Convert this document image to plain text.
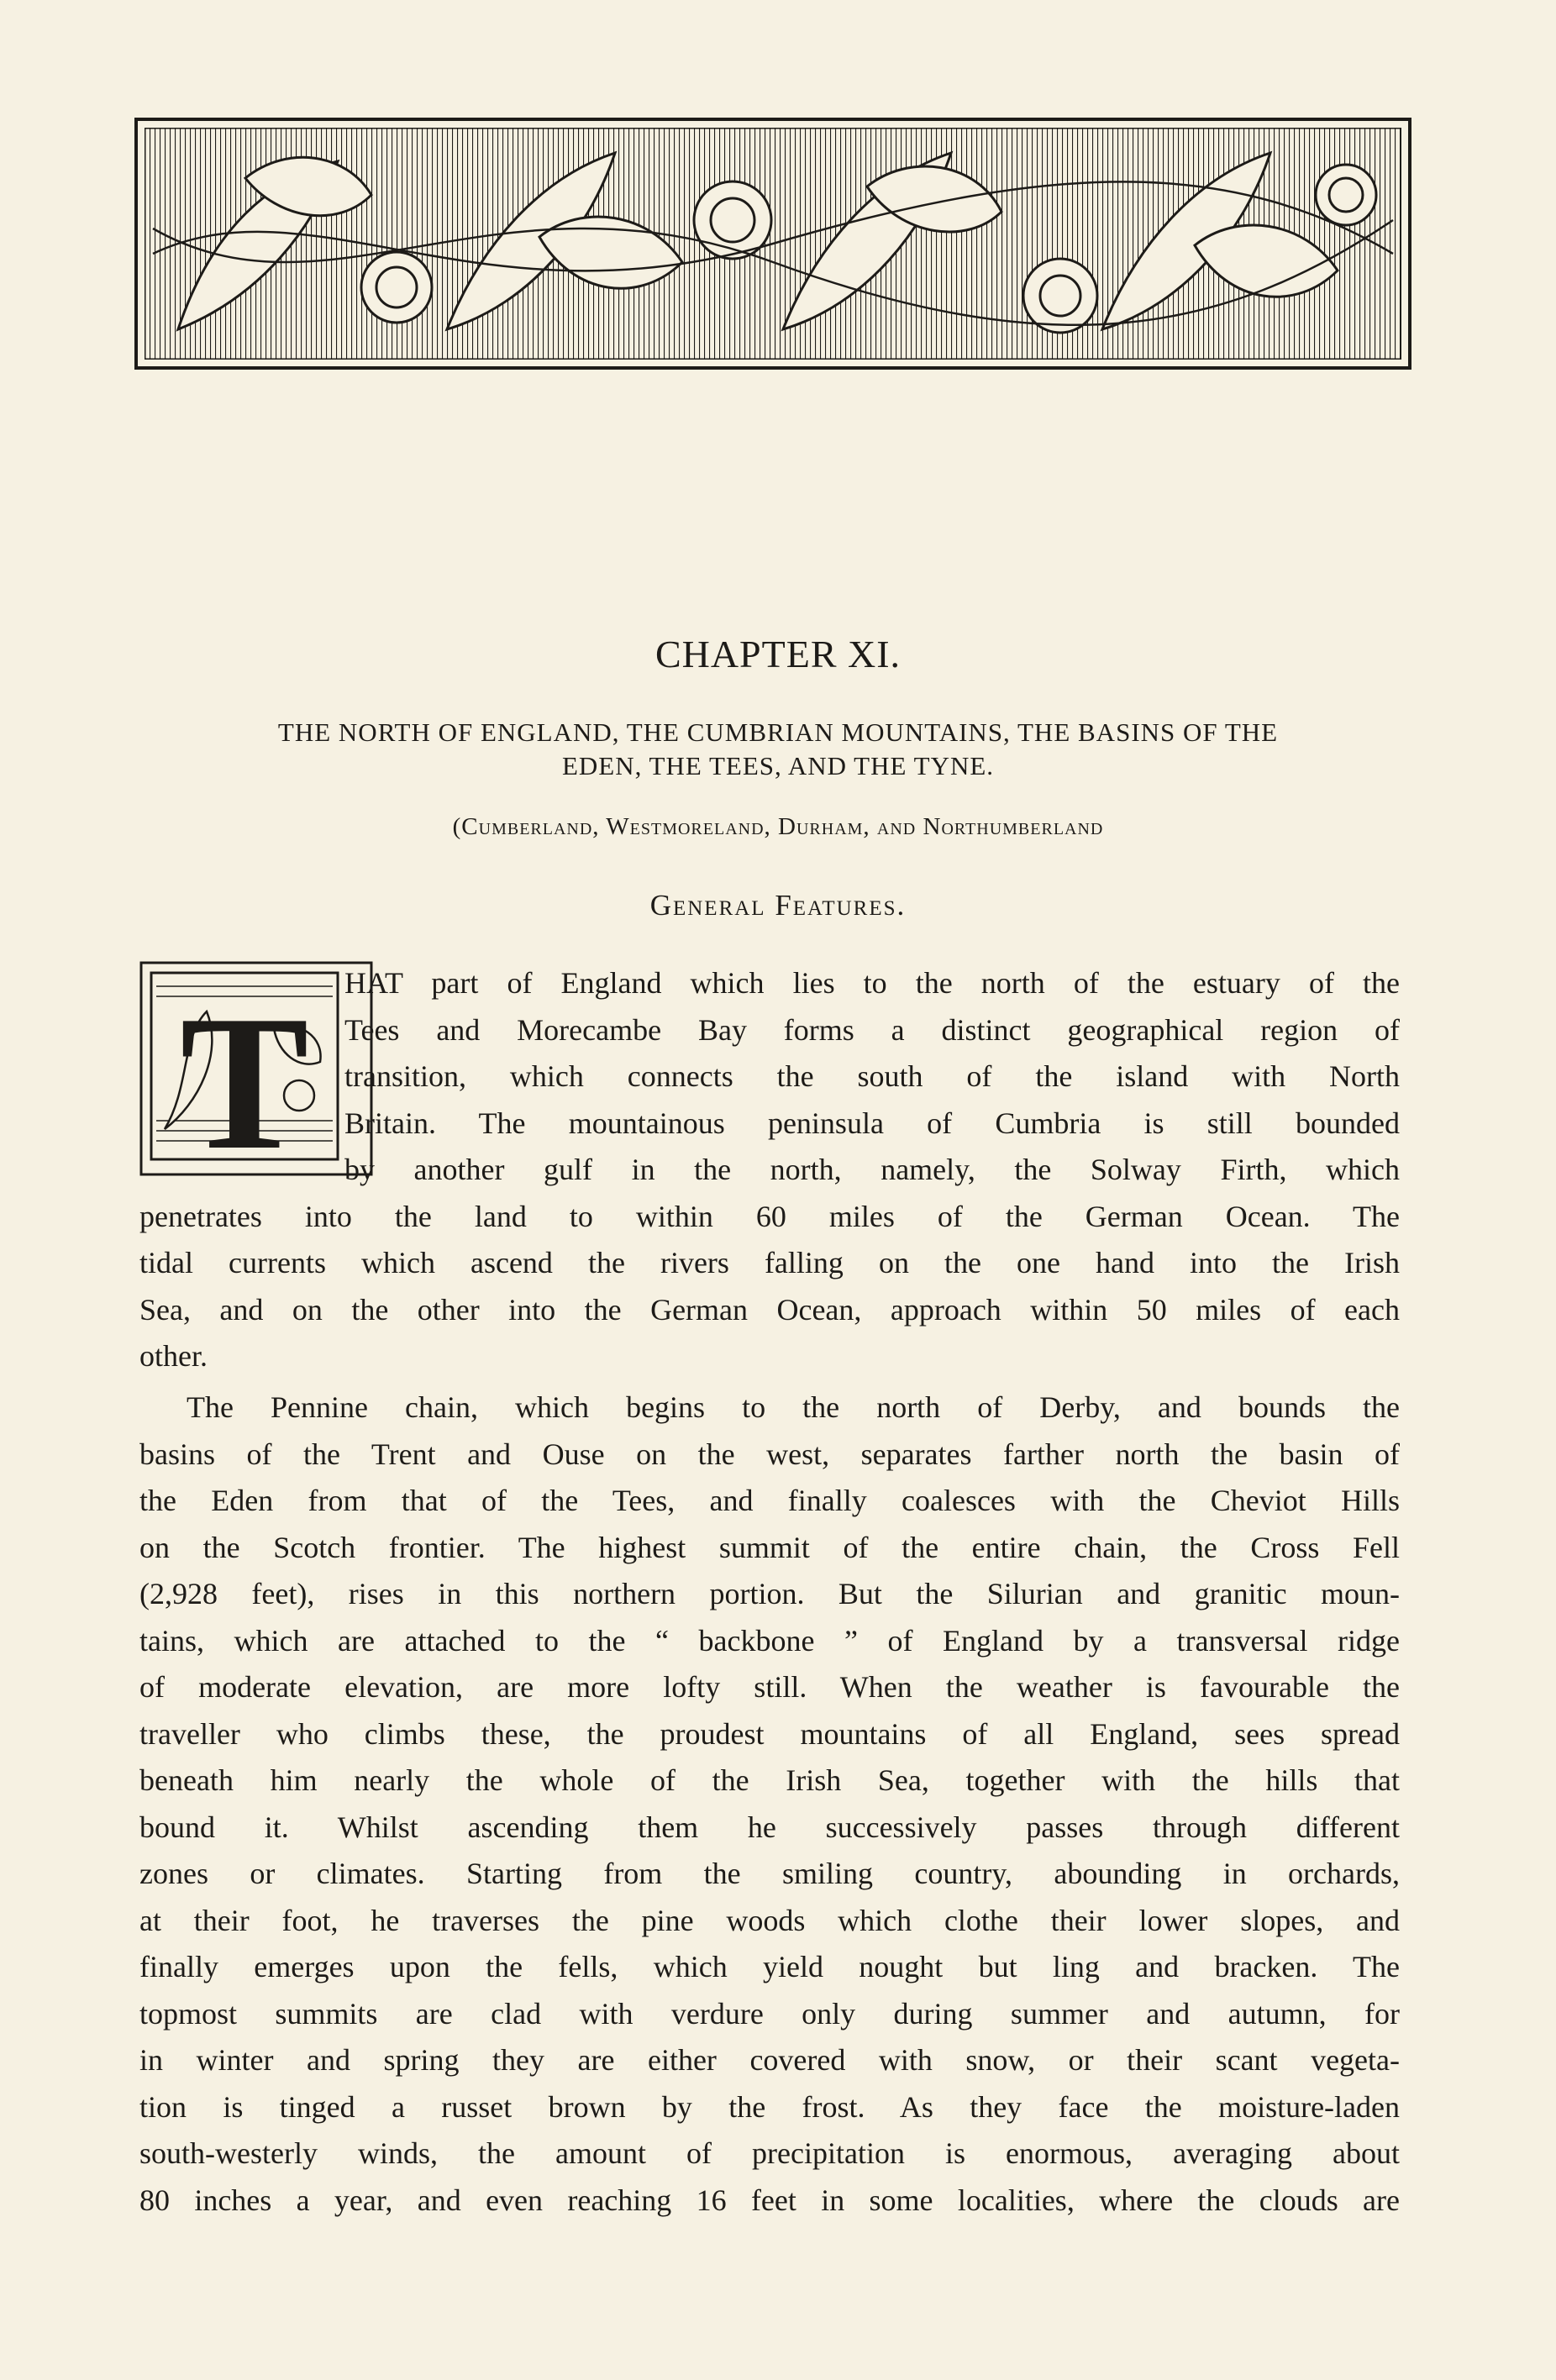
CHAPTER XI.
THE NORTH OF ENGLAND, THE CUMBRIAN MOUNTAINS, THE BASINS OF THE
EDEN, THE TEES, AND THE TYNE.
(Cumberland, Westmoreland, Durham, and Northumberland
General Features.
T	HAT part of England which lies to the north of the estuary of the
Tees and Morecambe Bay forms a distinct geographical region of
transition, which connects the south of the island with North
Britain. The mountainous peninsula of Cumbria is still bounded
by another gulf in the north, namely, the Solway Firth, which
penetrates into the land to within 60 miles of the German Ocean. The
tidal currents which ascend the rivers falling on the one hand into the Irish
Sea, and on the other into the German Ocean, approach within 50 miles of each
other.
The Pennine chain, which begins to the north of Derby, and bounds the
basins of the Trent and Ouse on the west, separates farther north the basin of
the Eden from that of the Tees, and finally coalesces with the Cheviot Hills
on the Scotch frontier. The highest summit of the entire chain, the Cross Fell
(2,928 feet), rises in this northern portion. But the Silurian and granitic moun-
tains, which are attached to the “ backbone ” of England by a transversal ridge
of moderate elevation, are more lofty still. When the weather is favourable the
traveller who climbs these, the proudest mountains of all England, sees spread
beneath him nearly the whole of the Irish Sea, together with the hills that
bound it. Whilst ascending them he successively passes through different
zones or climates. Starting from the smiling country, abounding in orchards,
at their foot, he traverses the pine woods which clothe their lower slopes, and
finally emerges upon the fells, which yield nought but ling and bracken. The
topmost summits are clad with verdure only during summer and autumn, for
in winter and spring they are either covered with snow, or their scant vegeta-
tion is tinged a russet brown by the frost. As they face the moisture-laden
south-westerly winds, the amount of precipitation is enormous, averaging about
80 inches a year, and even reaching 16 feet in some localities, where the clouds are
